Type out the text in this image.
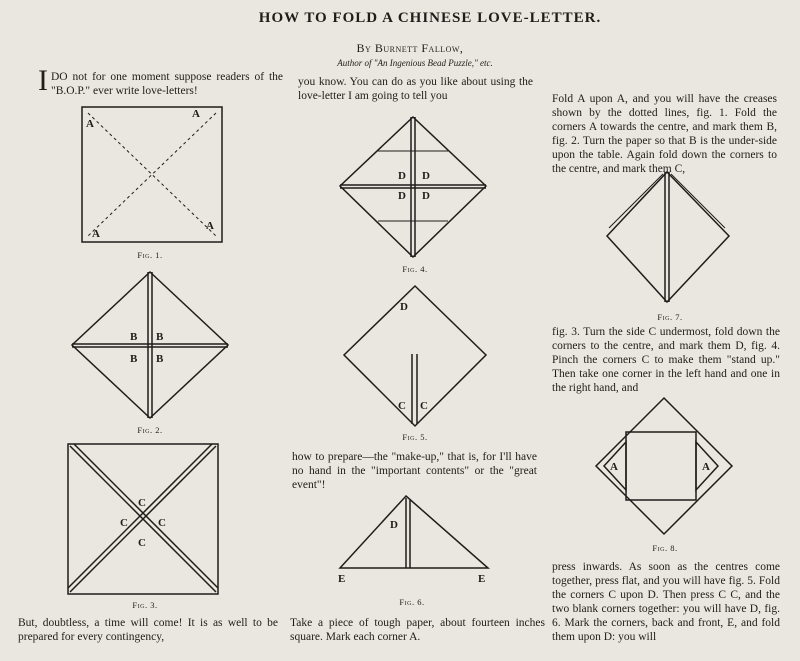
HOW TO FOLD A CHINESE LOVE-LETTER.
By Burnett Fallow,
Author of "An Ingenious Bead Puzzle," etc.
I DO not for one moment suppose readers of the "B.O.P." ever write love-letters!
A
A
A
A
Fig. 1.
B B
B B
Fig. 2.
C
C	C
C
Fig. 3.
But, doubtless, a time will come! It is as well to be prepared for every contingency,
you know. You can do as you like about using the love-letter I am going to tell you
D D
D D
Fig. 4.
D
C C
Fig. 5.
how to prepare—the "make-up," that is, for I'll have no hand in the "important contents" or the "great event"!
D
E	E
Fig. 6.
Take a piece of tough paper, about fourteen inches square. Mark each corner A.
Fold A upon A, and you will have the creases shown by the dotted lines, fig. 1. Fold the corners A towards the centre, and mark them B, fig. 2. Turn the paper so that B is the under-side upon the table. Again fold down the corners to the centre, and mark them C,
Fig. 7.
fig. 3. Turn the side C undermost, fold down the corners to the centre, and mark them D, fig. 4. Pinch the corners C to make them "stand up." Then take one corner in the left hand and one in the right hand, and
A	A
Fig. 8.
press inwards. As soon as the centres come together, press flat, and you will have fig. 5. Fold the corners C upon D. Then press C C, and the two blank corners together: you will have D, fig. 6. Mark the corners, back and front, E, and fold them upon D: you will
